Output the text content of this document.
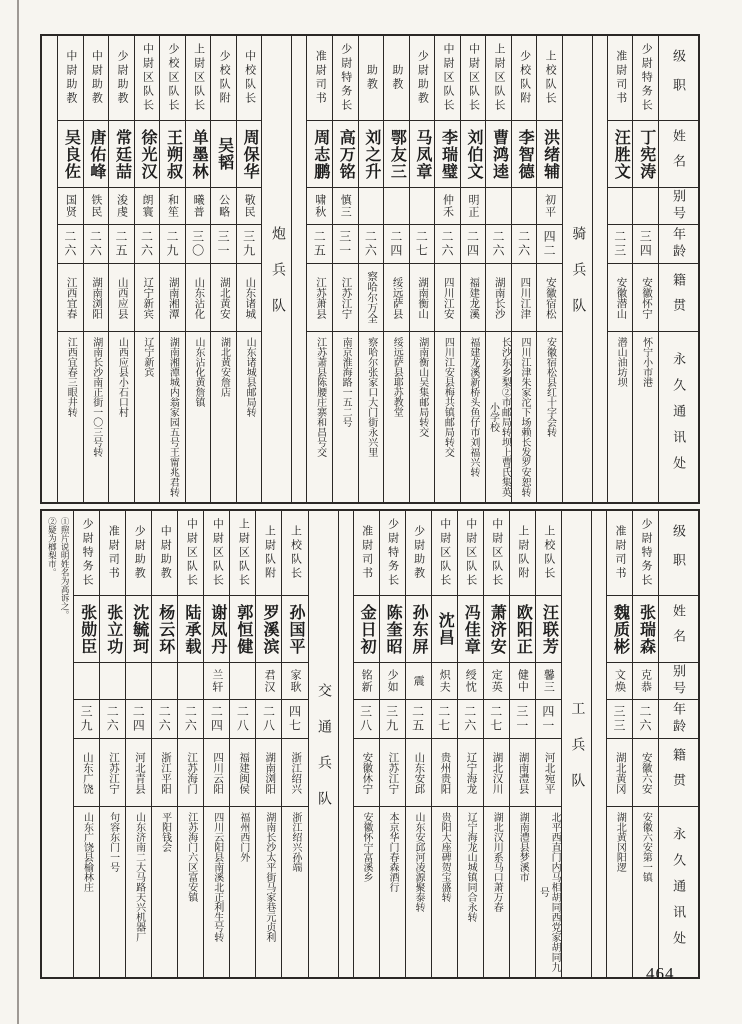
级职
姓名
别号
年龄
籍贯
永久通讯处
少尉特务长
丁宪涛
三四
安徽怀宁
怀宁小市港
准尉司书
汪胜文
二三
安徽潜山
潜山油坊坝
骑兵队
上校队长
洪绪辅
初平
四二
安徽宿松
安徽宿松县红十字会转
少校队附
李智德
二六
四川江津
四川江津朱家沱下场赖长发罗安恕转
上尉区队长
曹鸿逵
二六
湖南长沙
长沙东乡梨②市邮局转坝上曹氏集英小学校
中尉区队长
刘伯文
明正
二四
福建龙溪
福建龙溪新桥头鱼仔市刘福兴转
中尉区队长
李瑞璧
仲禾
二六
四川江安
四川江安县梅共镇邮局转交
少尉助教
马凤章
二七
湖南衡山
湖南衡山吴集邮局转交
助教
鄂友三
二四
绥远萨县
绥远萨县耶苏教堂
助教
刘之升
二六
察哈尔万全
察哈尔张家口大门街永兴里
少尉特务长
高万铭
慎三
三一
江苏江宁
南京淮海路一五二号
准尉司书
周志鹏
啸秋
二五
江苏萧县
江苏萧县陈腰庄寨和昌号交
炮兵队
中校队长
周保华
敬民
三九
山东诸城
山东诸城县邮局转
少校队附
吴韬
公略
三一
湖北黄安
湖北黄安詹店
上尉区队长
单墨林
曦普
三〇
山东沾化
山东沾化黄詹镇
少校区队长
王朔叔
和笙
二九
湖南湘潭
湖南湘潭城内翁家园五号王甯兆君转
中尉区队长
徐光汉
朗寰
二六
辽宁新宾
辽宁新宾
少尉助教
常廷喆
浚虔
二五
山西应县
山西应县小石口村
中尉助教
唐佑峰
铁民
二六
湖南浏阳
湖南长沙南正街一〇三号转
中尉助教
吴良佐
国贤
二六
江西宜春
江西宜春三眼井转
级职
姓名
别号
年龄
籍贯
永久通讯处
少尉特务长
张瑞森
克恭
二六
安徽六安
安徽六安第一镇
准尉司书
魏质彬
文焕
三三
湖北黄冈
湖北黄冈阳逻
工兵队
上校队长
汪联芳
馨三
四一
河北宛平
北平西直门内马相胡同西党家胡同九号
上尉队附
欧阳正
健中
三一
湖南澧县
湖南澧县梦溪市
中尉区队长
萧济安
定英
二七
湖北汉川
湖北汉川系马口萧万春
中尉区队长
冯佳章
绶忱
二六
辽宁海龙
辽宁海龙山城镇同合永转
中尉区队长
沈昌
炽夫
二七
贵州贵阳
贵阳大座碑贺宝盛转
少尉助教
孙东屏
震
二五
山东安邱
山东安邱河凌源聚泰转
少尉特务长
陈奎昭
少如
三九
江苏江宁
本京华门春森酒行
准尉司书
金日初
铭新
三八
安徽休宁
安徽怀宁富溪乡
交通兵队
上校队长
孙国平
家耿
四七
浙江绍兴
浙江绍兴孙端
上尉队附
罗溪滨
君汉
二八
湖南浏阳
湖南长沙太平街马家巷元贞利
上尉区队长
郭恒健
二八
福建闽侯
福州西门外
中尉区队长
谢凤丹
兰轩
二四
四川云阳
四川云阳县南溪北正利生号转
中尉区队长
陆承载
二六
江苏海门
江苏海门六区富安镇
中尉助教
杨云环
二六
浙江平阳
平阳钱会
少尉助教
沈毓珂
二四
河北青县
山东济南二大马路天兴机器厂
准尉司书
张立功
二六
江苏江宁
句容东门一号
少尉特务长
张勋臣
三九
山东广饶
山东广饶县榆林庄
①照片说明姓名为高诉之。
②疑为榔梨市。
464
